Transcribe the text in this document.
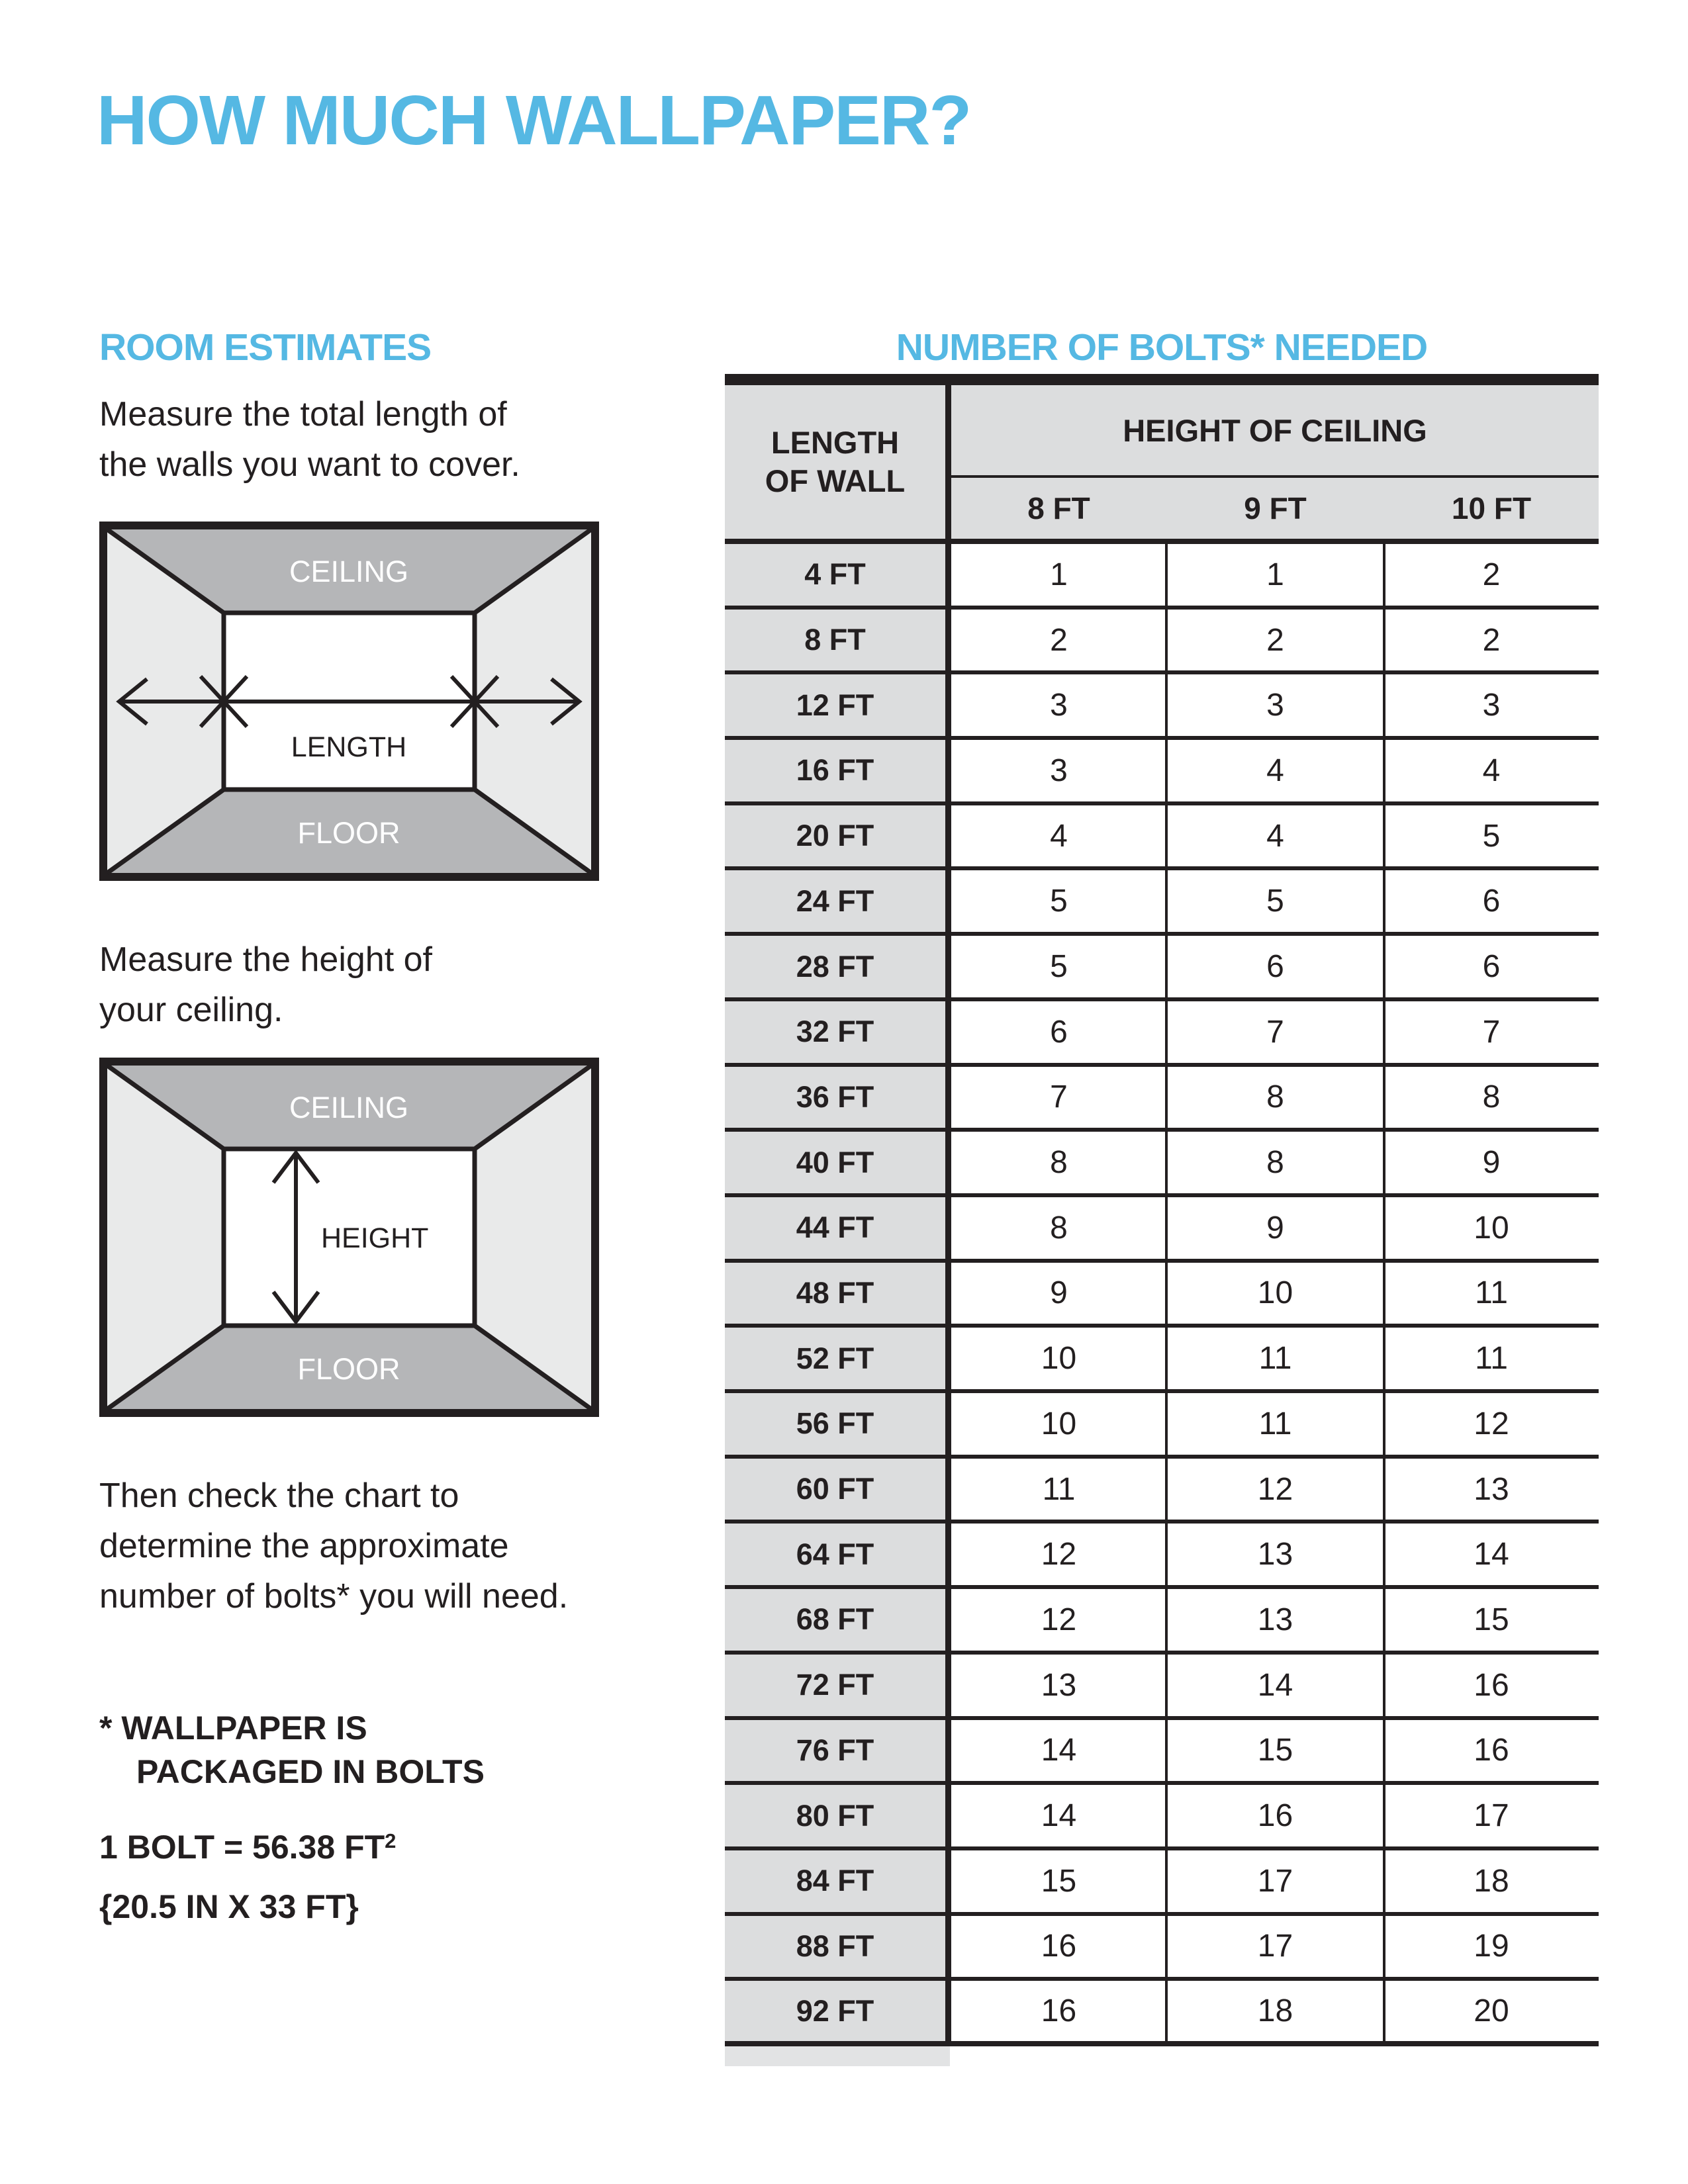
HOW MUCH WALLPAPER?
ROOM ESTIMATES
Measure the total length of
the walls you want to cover.
CEILING
FLOOR
LENGTH
Measure the height of
your ceiling.
CEILING
FLOOR
HEIGHT
Then check the chart to
determine the approximate
number of bolts* you will need.
* WALLPAPER IS
PACKAGED IN BOLTS
1 BOLT = 56.38 $FT^2$
{20.5 IN X 33 FT}
NUMBER OF BOLTS* NEEDED
LENGTH
OF WALL
HEIGHT OF CEILING
8 FT	9 FT	10 FT
4 FT	1	1	2
8 FT	2	2	2
12 FT	3	3	3
16 FT	3	4	4
20 FT	4	4	5
24 FT	5	5	6
28 FT	5	6	6
32 FT	6	7	7
36 FT	7	8	8
40 FT	8	8	9
44 FT	8	9	10
48 FT	9	10	11
52 FT	10	11	11
56 FT	10	11	12
60 FT	11	12	13
64 FT	12	13	14
68 FT	12	13	15
72 FT	13	14	16
76 FT	14	15	16
80 FT	14	16	17
84 FT	15	17	18
88 FT	16	17	19
92 FT	16	18	20
